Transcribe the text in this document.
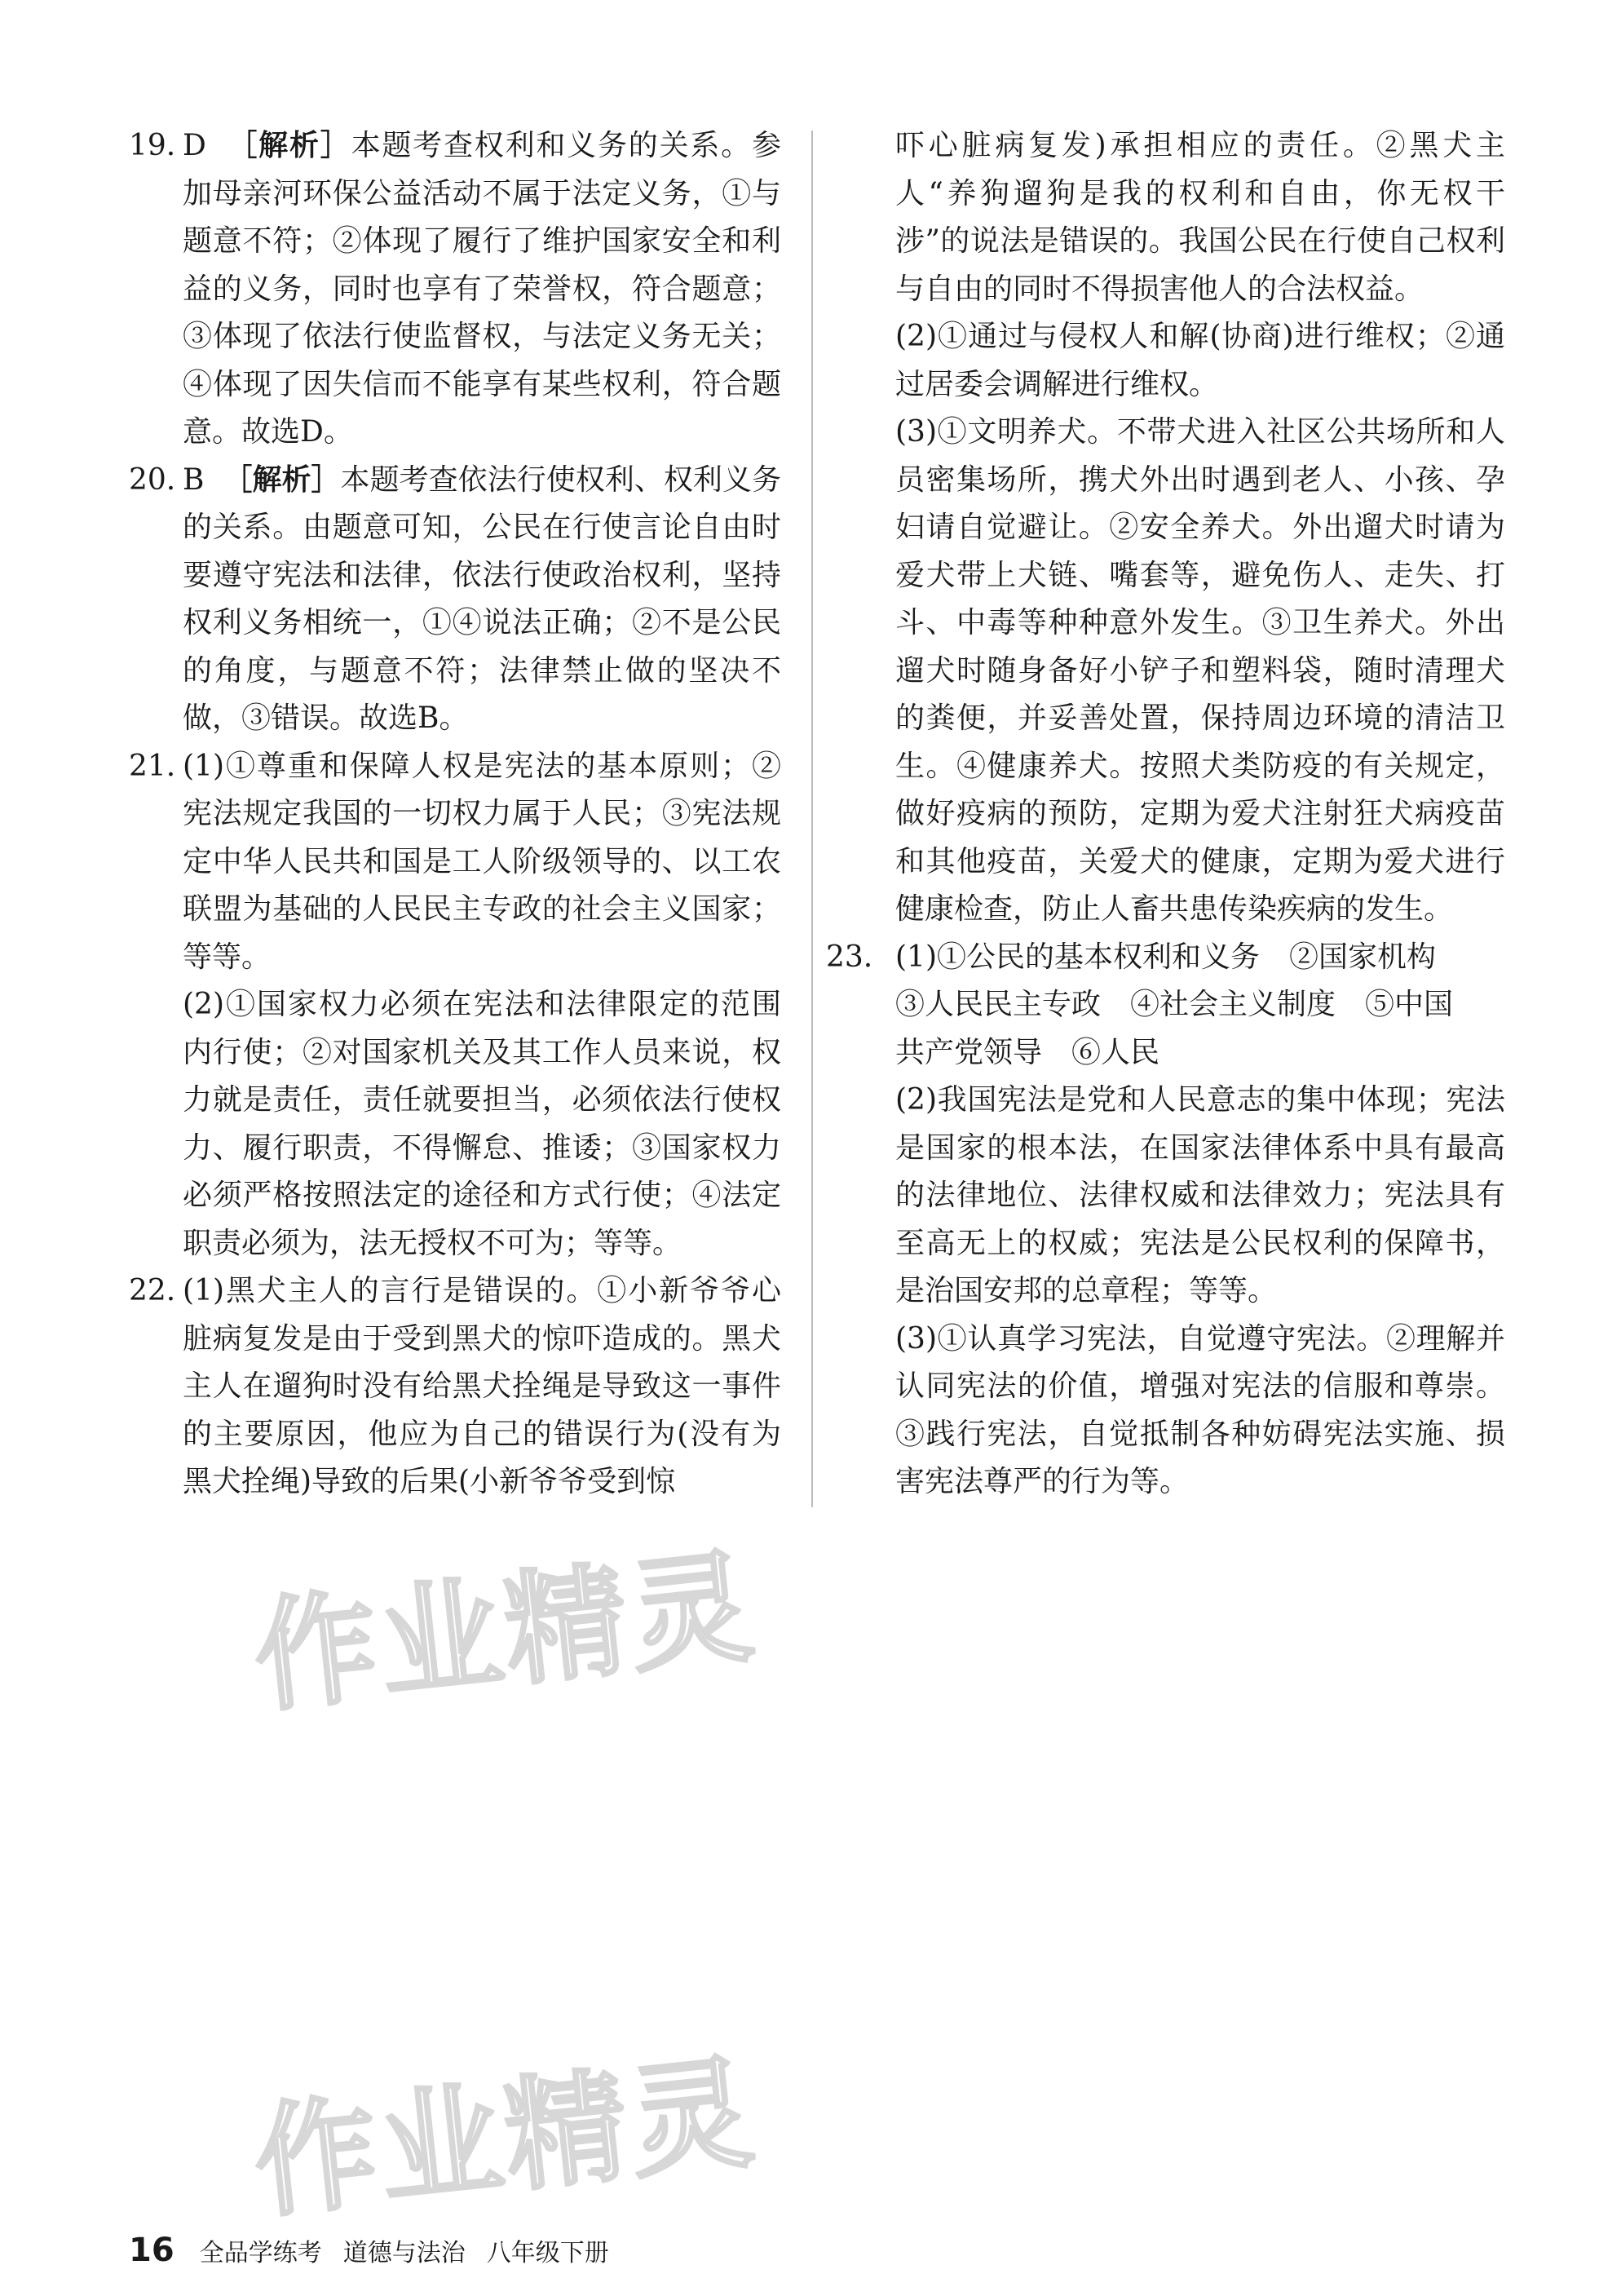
19. D ［解析］本题考查权利和义务的关系。参加母亲河环保公益活动不属于法定义务，①与题意不符；②体现了履行了维护国家安全和利益的义务，同时也享有了荣誉权，符合题意；③体现了依法行使监督权，与法定义务无关；④体现了因失信而不能享有某些权利，符合题意。故选D。

20. B ［解析］本题考查依法行使权利、权利义务的关系。由题意可知，公民在行使言论自由时要遵守宪法和法律，依法行使政治权利，坚持权利义务相统一，①④说法正确；②不是公民的角度，与题意不符；法律禁止做的坚决不做，③错误。故选B。

21. (1)①尊重和保障人权是宪法的基本原则；②宪法规定我国的一切权力属于人民；③宪法规定中华人民共和国是工人阶级领导的、以工农联盟为基础的人民民主专政的社会主义国家；等等。

(2)①国家权力必须在宪法和法律限定的范围内行使；②对国家机关及其工作人员来说，权力就是责任，责任就要担当，必须依法行使权力、履行职责，不得懈怠、推诿；③国家权力必须严格按照法定的途径和方式行使；④法定职责必须为，法无授权不可为；等等。

22. (1)黑犬主人的言行是错误的。①小新爷爷心脏病复发是由于受到黑犬的惊吓造成的。黑犬主人在遛狗时没有给黑犬拴绳是导致这一事件的主要原因，他应为自己的错误行为(没有为黑犬拴绳)导致的后果(小新爷爷受到惊

吓心脏病复发)承担相应的责任。②黑犬主人“养狗遛狗是我的权利和自由，你无权干涉”的说法是错误的。我国公民在行使自己权利与自由的同时不得损害他人的合法权益。

(2)①通过与侵权人和解(协商)进行维权；②通过居委会调解进行维权。

(3)①文明养犬。不带犬进入社区公共场所和人员密集场所，携犬外出时遇到老人、小孩、孕妇请自觉避让。②安全养犬。外出遛犬时请为爱犬带上犬链、嘴套等，避免伤人、走失、打斗、中毒等种种意外发生。③卫生养犬。外出遛犬时随身备好小铲子和塑料袋，随时清理犬的粪便，并妥善处置，保持周边环境的清洁卫生。④健康养犬。按照犬类防疫的有关规定，做好疫病的预防，定期为爱犬注射狂犬病疫苗和其他疫苗，关爱犬的健康，定期为爱犬进行健康检查，防止人畜共患传染疾病的发生。

23. (1)①公民的基本权利和义务　②国家机构
③人民民主专政　④社会主义制度　⑤中国
共产党领导　⑥人民

(2)我国宪法是党和人民意志的集中体现；宪法是国家的根本法，在国家法律体系中具有最高的法律地位、法律权威和法律效力；宪法具有至高无上的权威；宪法是公民权利的保障书，是治国安邦的总章程；等等。

(3)①认真学习宪法，自觉遵守宪法。②理解并认同宪法的价值，增强对宪法的信服和尊崇。③践行宪法，自觉抵制各种妨碍宪法实施、损害宪法尊严的行为等。

作业精灵
作业精灵
16 全品学练考 道德与法治 八年级下册
